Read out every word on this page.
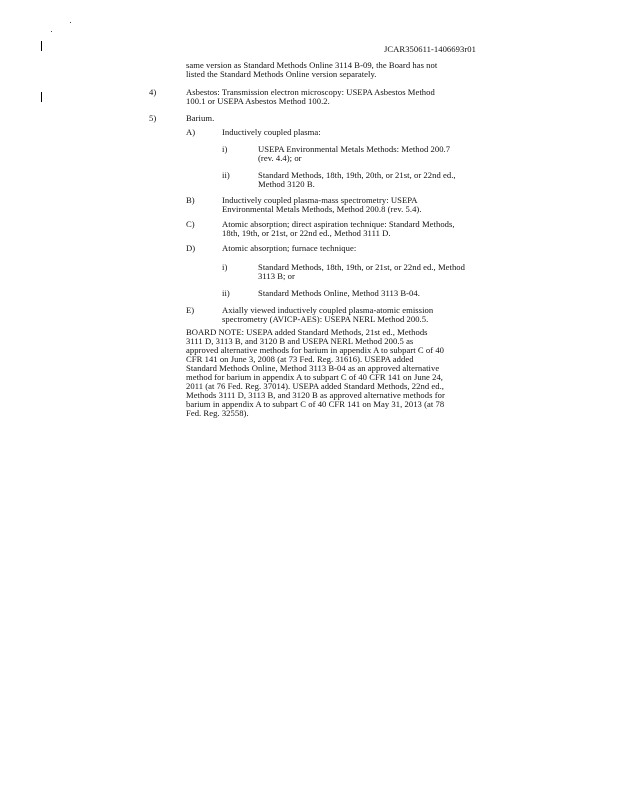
JCAR350611-1406693r01
same version as Standard Methods Online 3114 B-09, the Board has not
listed the Standard Methods Online version separately.
4)	Asbestos: Transmission electron microscopy: USEPA Asbestos Method
100.1 or USEPA Asbestos Method 100.2.
5)	Barium.
A)	Inductively coupled plasma:
i)	USEPA Environmental Metals Methods: Method 200.7
(rev. 4.4); or
ii)	Standard Methods, 18th, 19th, 20th, or 21st, or 22nd ed.,
Method 3120 B.
B)	Inductively coupled plasma-mass spectrometry: USEPA
Environmental Metals Methods, Method 200.8 (rev. 5.4).
C)	Atomic absorption; direct aspiration technique: Standard Methods,
18th, 19th, or 21st, or 22nd ed., Method 3111 D.
D)	Atomic absorption; furnace technique:
i)	Standard Methods, 18th, 19th, or 21st, or 22nd ed., Method
3113 B; or
ii)	Standard Methods Online, Method 3113 B-04.
E)	Axially viewed inductively coupled plasma-atomic emission
spectrometry (AVICP-AES): USEPA NERL Method 200.5.
BOARD NOTE: USEPA added Standard Methods, 21st ed., Methods
3111 D, 3113 B, and 3120 B and USEPA NERL Method 200.5 as
approved alternative methods for barium in appendix A to subpart C of 40
CFR 141 on June 3, 2008 (at 73 Fed. Reg. 31616). USEPA added
Standard Methods Online, Method 3113 B-04 as an approved alternative
method for barium in appendix A to subpart C of 40 CFR 141 on June 24,
2011 (at 76 Fed. Reg. 37014). USEPA added Standard Methods, 22nd ed.,
Methods 3111 D, 3113 B, and 3120 B as approved alternative methods for
barium in appendix A to subpart C of 40 CFR 141 on May 31, 2013 (at 78
Fed. Reg. 32558).
